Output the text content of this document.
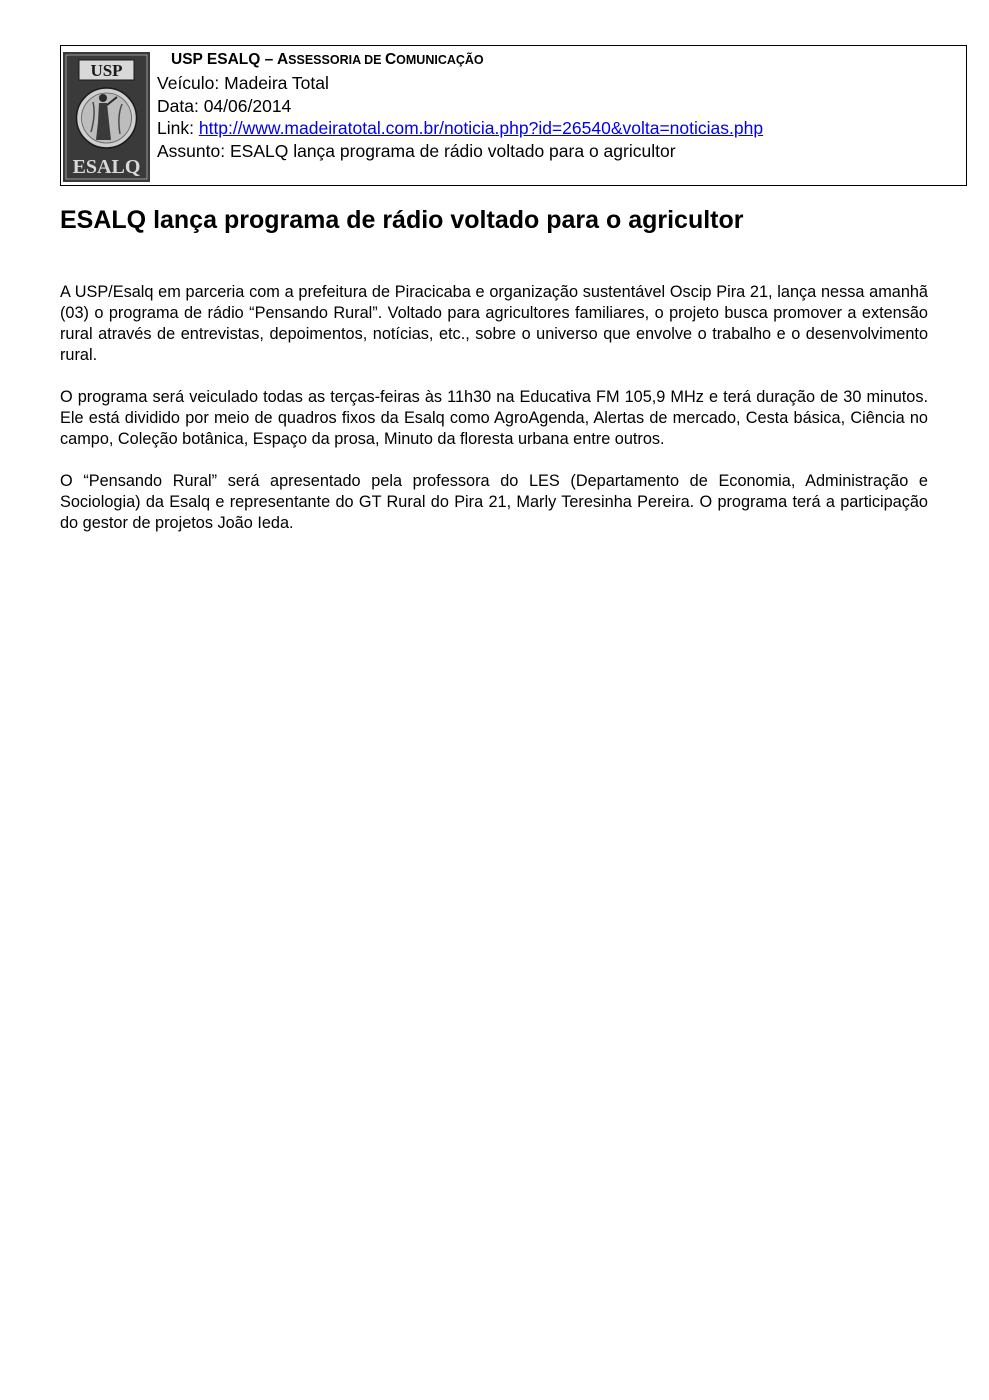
USP
ESALQ
USP ESALQ – ASSESSORIA DE COMUNICAÇÃO
Veículo: Madeira Total
Data: 04/06/2014
Link: http://www.madeiratotal.com.br/noticia.php?id=26540&volta=noticias.php
Assunto: ESALQ lança programa de rádio voltado para o agricultor
ESALQ lança programa de rádio voltado para o agricultor

A USP/Esalq em parceria com a prefeitura de Piracicaba e organização sustentável Oscip Pira 21, lança nessa amanhã (03) o programa de rádio “Pensando Rural”. Voltado para agricultores familiares, o projeto busca promover a extensão rural através de entrevistas, depoimentos, notícias, etc., sobre o universo que envolve o trabalho e o desenvolvimento rural.

O programa será veiculado todas as terças-feiras às 11h30 na Educativa FM 105,9 MHz e terá duração de 30 minutos. Ele está dividido por meio de quadros fixos da Esalq como AgroAgenda, Alertas de mercado, Cesta básica, Ciência no campo, Coleção botânica, Espaço da prosa, Minuto da floresta urbana entre outros.

O “Pensando Rural” será apresentado pela professora do LES (Departamento de Economia, Administração e Sociologia) da Esalq e representante do GT Rural do Pira 21, Marly Teresinha Pereira. O programa terá a participação do gestor de projetos João Ieda.
